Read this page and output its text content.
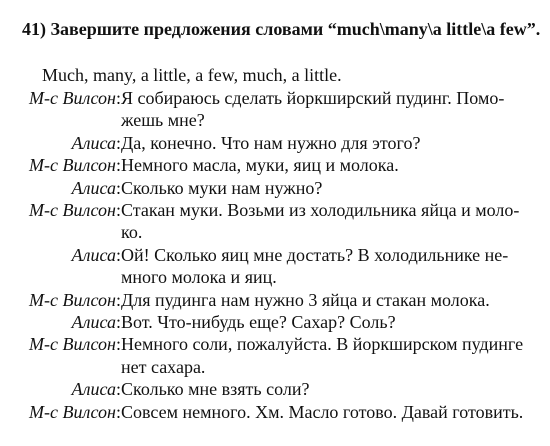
41) Завершите предложения словами “much\many\a little\a few”.
Much, many, a little, a few, much, a little.
М-с Вилсон: Я собираюсь сделать йоркширский пудинг. Помо-
жешь мне?
Алиса: Да, конечно. Что нам нужно для этого?
М-с Вилсон: Немного масла, муки, яиц и молока.
Алиса: Сколько муки нам нужно?
М-с Вилсон: Стакан муки. Возьми из холодильника яйца и моло-
ко.
Алиса: Ой! Сколько яиц мне достать? В холодильнике не-
много молока и яиц.
М-с Вилсон: Для пудинга нам нужно 3 яйца и стакан молока.
Алиса: Вот. Что-нибудь еще? Сахар? Соль?
М-с Вилсон: Немного соли, пожалуйста. В йоркширском пудинге
нет сахара.
Алиса: Сколько мне взять соли?
М-с Вилсон: Совсем немного. Хм. Масло готово. Давай готовить.
